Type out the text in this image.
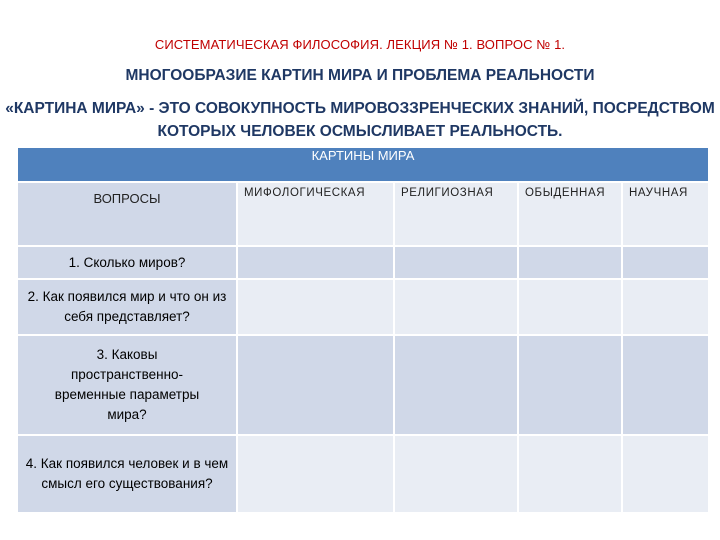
СИСТЕМАТИЧЕСКАЯ ФИЛОСОФИЯ. ЛЕКЦИЯ № 1. ВОПРОС № 1.
МНОГООБРАЗИЕ КАРТИН МИРА И ПРОБЛЕМА РЕАЛЬНОСТИ
«КАРТИНА МИРА» - ЭТО СОВОКУПНОСТЬ МИРОВОЗЗРЕНЧЕСКИХ ЗНАНИЙ, ПОСРЕДСТВОМ КОТОРЫХ ЧЕЛОВЕК ОСМЫСЛИВАЕТ РЕАЛЬНОСТЬ.
КАРТИНЫ МИРА				
ВОПРОСЫ	МИФОЛОГИЧЕСКАЯ	РЕЛИГИОЗНАЯ	ОБЫДЕННАЯ	НАУЧНАЯ
1. Сколько миров?				
2. Как появился мир и что он из себя представляет?				
3. Каковы пространственно-временные параметры мира?				
4. Как появился человек и в чем смысл его существования?				
